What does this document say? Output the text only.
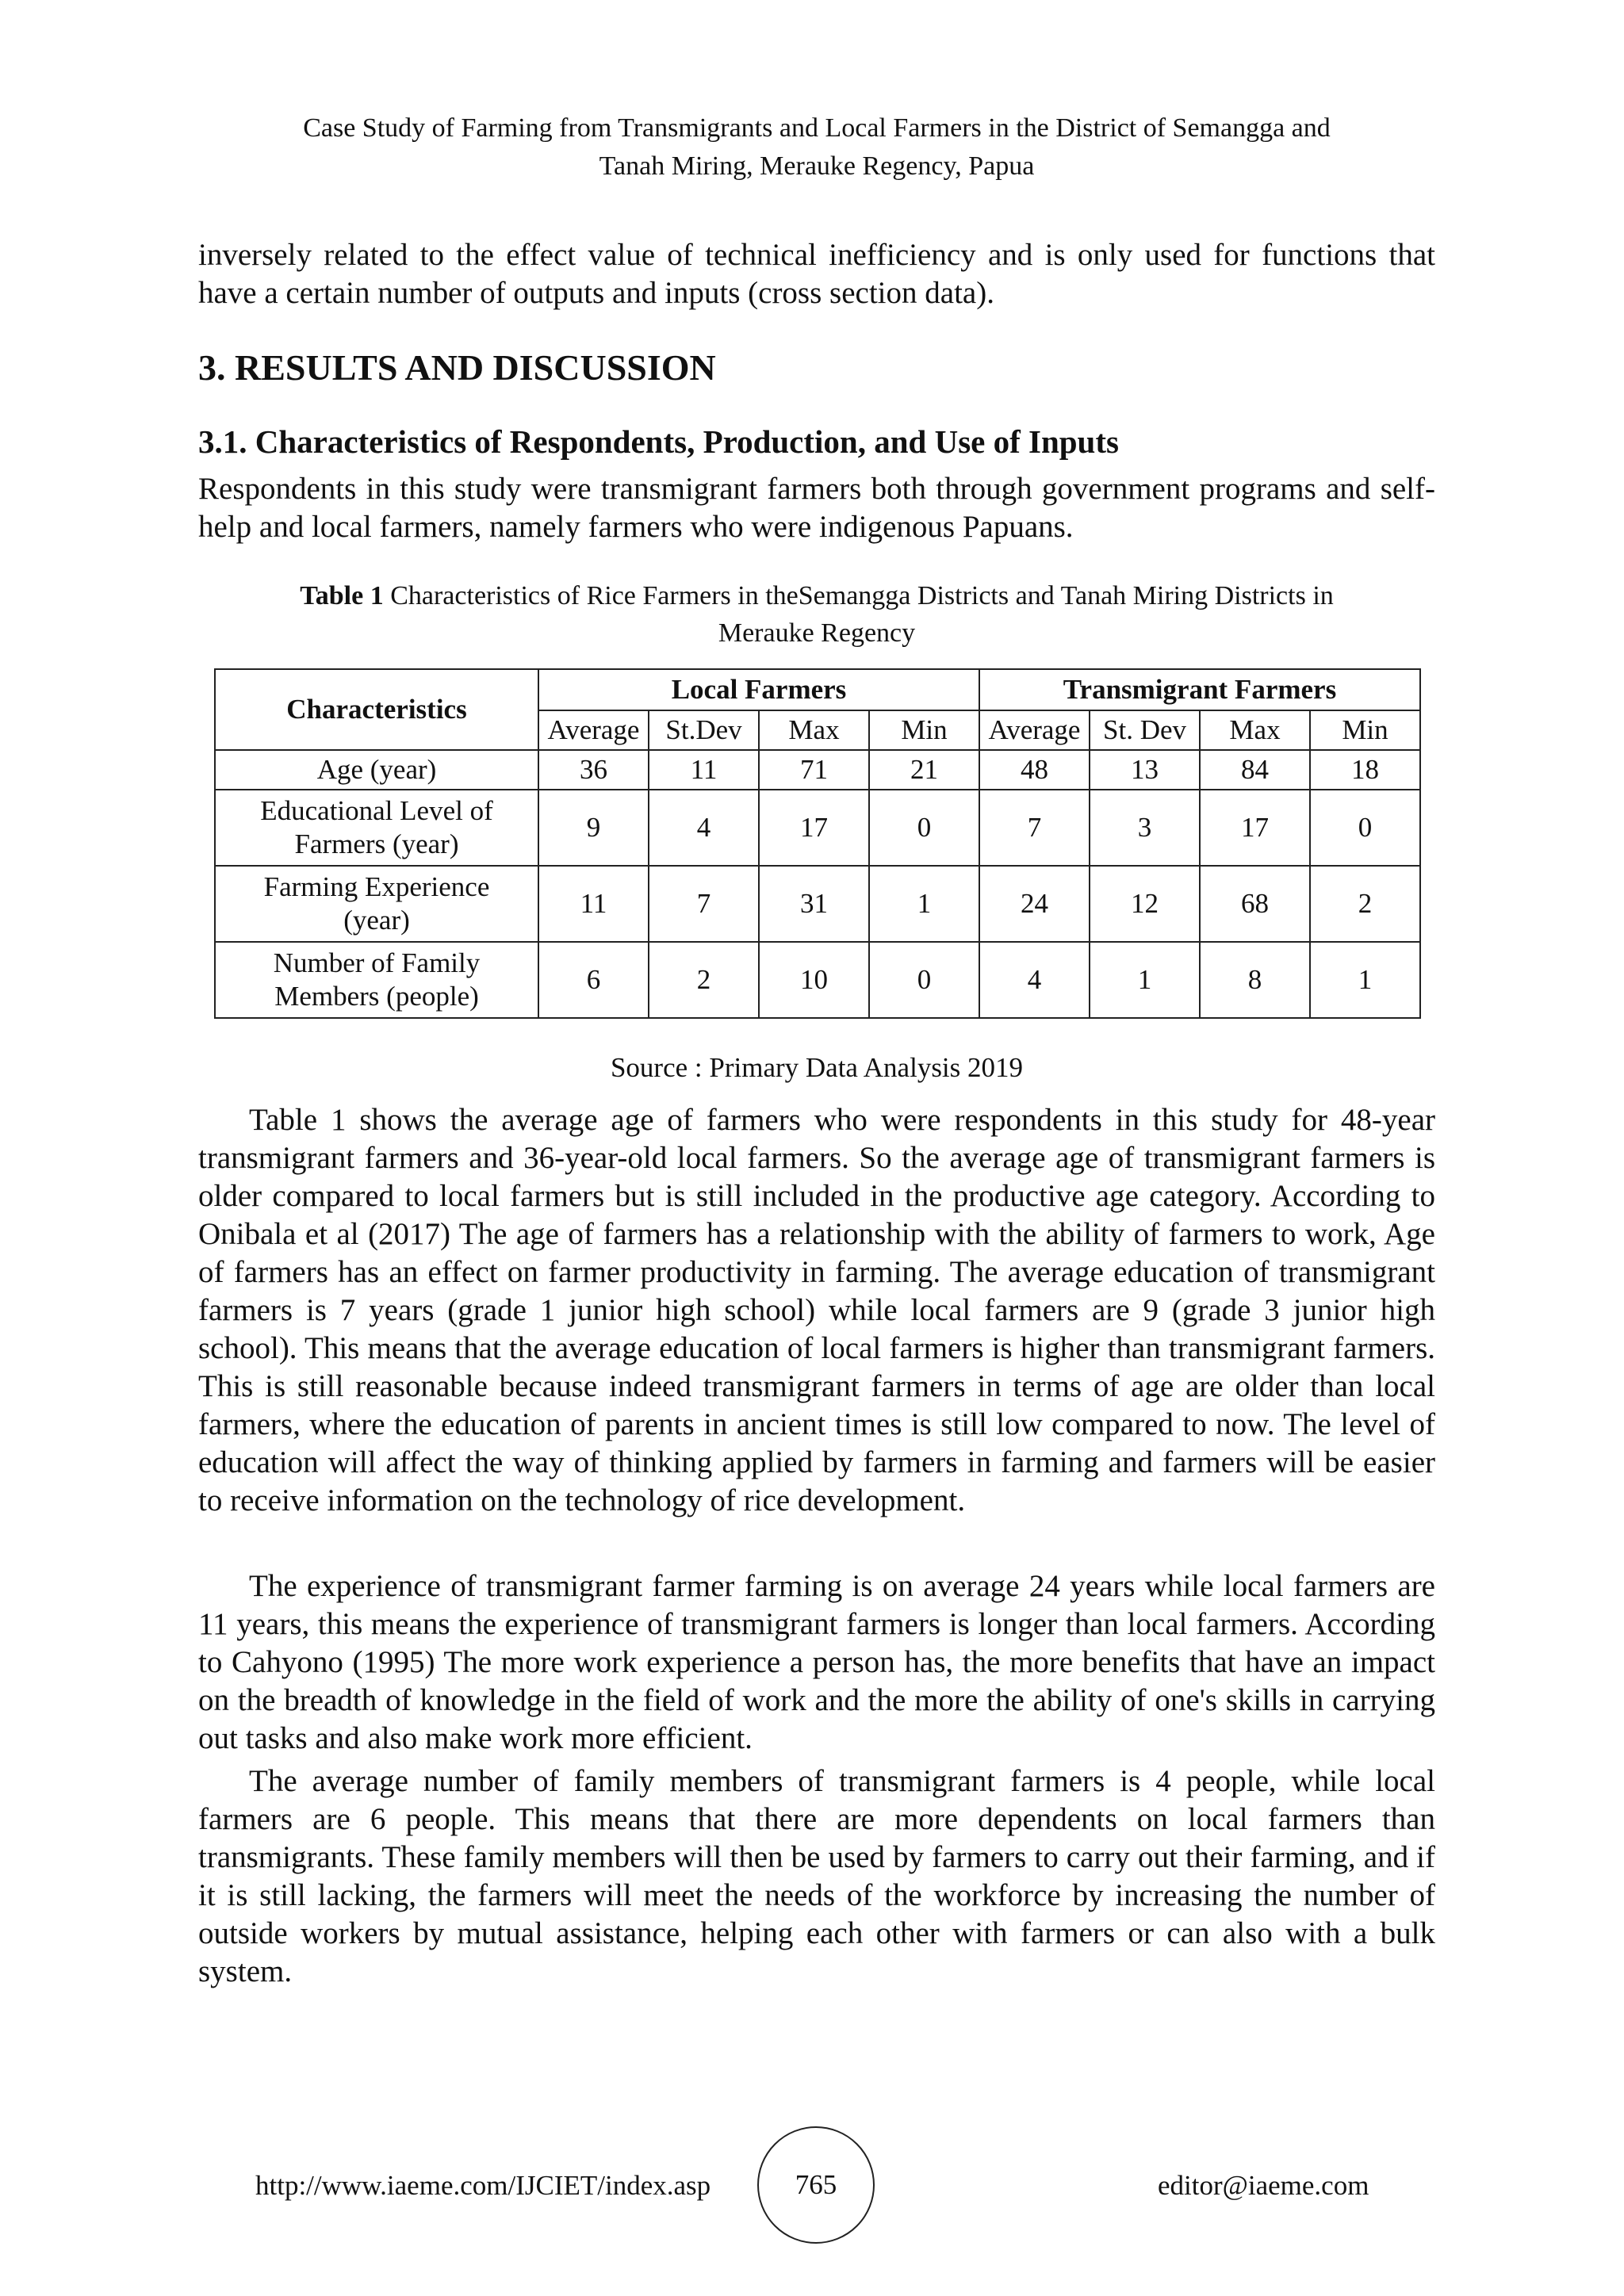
Case Study of Farming from Transmigrants and Local Farmers in the District of Semangga and
Tanah Miring, Merauke Regency, Papua

inversely related to the effect value of technical inefficiency and is only used for functions that have a certain number of outputs and inputs (cross section data).

3. RESULTS AND DISCUSSION
3.1. Characteristics of Respondents, Production, and Use of Inputs

Respondents in this study were transmigrant farmers both through government programs and self-help and local farmers, namely farmers who were indigenous Papuans.

Table 1 Characteristics of Rice Farmers in theSemangga Districts and Tanah Miring Districts in
Merauke Regency
Characteristics	Local Farmers				Transmigrant Farmers			
	Average	St.Dev	Max	Min	Average	St. Dev	Max	Min

Age (year)	36	11	71	21	48	13	84	18

Educational Level of
Farmers (year)	9	4	17	0	7	3	17	0

Farming Experience
(year)	11	7	31	1	24	12	68	2

Number of Family
Members (people)	6	2	10	0	4	1	8	1
Source : Primary Data Analysis 2019

Table 1 shows the average age of farmers who were respondents in this study for 48-year transmigrant farmers and 36-year-old local farmers. So the average age of transmigrant farmers is older compared to local farmers but is still included in the productive age category. According to Onibala et al (2017) The age of farmers has a relationship with the ability of farmers to work, Age of farmers has an effect on farmer productivity in farming. The average education of transmigrant farmers is 7 years (grade 1 junior high school) while local farmers are 9 (grade 3 junior high school). This means that the average education of local farmers is higher than transmigrant farmers. This is still reasonable because indeed transmigrant farmers in terms of age are older than local farmers, where the education of parents in ancient times is still low compared to now. The level of education will affect the way of thinking applied by farmers in farming and farmers will be easier to receive information on the technology of rice development.

The experience of transmigrant farmer farming is on average 24 years while local farmers are 11 years, this means the experience of transmigrant farmers is longer than local farmers. According to Cahyono (1995) The more work experience a person has, the more benefits that have an impact on the breadth of knowledge in the field of work and the more the ability of one's skills in carrying out tasks and also make work more efficient.

The average number of family members of transmigrant farmers is 4 people, while local farmers are 6 people. This means that there are more dependents on local farmers than transmigrants. These family members will then be used by farmers to carry out their farming, and if it is still lacking, the farmers will meet the needs of the workforce by increasing the number of outside workers by mutual assistance, helping each other with farmers or can also with a bulk system.

http://www.iaeme.com/IJCIET/index.asp	765	editor@iaeme.com
